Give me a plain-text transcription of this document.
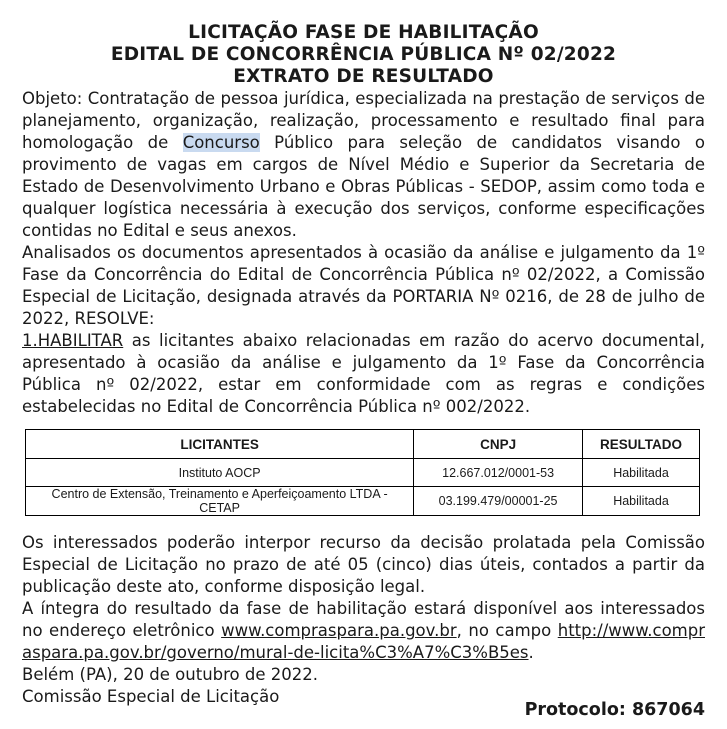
LICITAÇÃO FASE DE HABILITAÇÃO
EDITAL DE CONCORRÊNCIA PÚBLICA Nº 02/2022
EXTRATO DE RESULTADO

Objeto: Contratação de pessoa jurídica, especializada na prestação de serviços de planejamento, organização, realização, processamento e resultado final para homologação de Concurso Público para seleção de candidatos visando o provimento de vagas em cargos de Nível Médio e Superior da Secretaria de Estado de Desenvolvimento Urbano e Obras Públicas - SEDOP, assim como toda e qualquer logística necessária à execução dos serviços, conforme especificações contidas no Edital e seus anexos.

Analisados os documentos apresentados à ocasião da análise e julgamento da 1º Fase da Concorrência do Edital de Concorrência Pública nº 02/2022, a Comissão Especial de Licitação, designada através da PORTARIA Nº 0216, de 28 de julho de 2022, RESOLVE:

1.HABILITAR as licitantes abaixo relacionadas em razão do acervo documental, apresentado à ocasião da análise e julgamento da 1º Fase da Concorrência Pública nº 02/2022, estar em conformidade com as regras e condições estabelecidas no Edital de Concorrência Pública nº 002/2022.

LICITANTES	CNPJ	RESULTADO
Instituto AOCP	12.667.012/0001-53	Habilitada
Centro de Extensão, Treinamento e Aperfeiçoamento LTDA - CETAP	03.199.479/00001-25	Habilitada

Os interessados poderão interpor recurso da decisão prolatada pela Comissão Especial de Licitação no prazo de até 05 (cinco) dias úteis, contados a partir da publicação deste ato, conforme disposição legal.

A íntegra do resultado da fase de habilitação estará disponível aos interessados no endereço eletrônico www.compraspara.pa.gov.br, no campo http://www.compraspara.pa.gov.br/governo/mural-de-licita%C3%A7%C3%B5es.

Belém (PA), 20 de outubro de 2022.

Comissão Especial de Licitação

Protocolo: 867064
